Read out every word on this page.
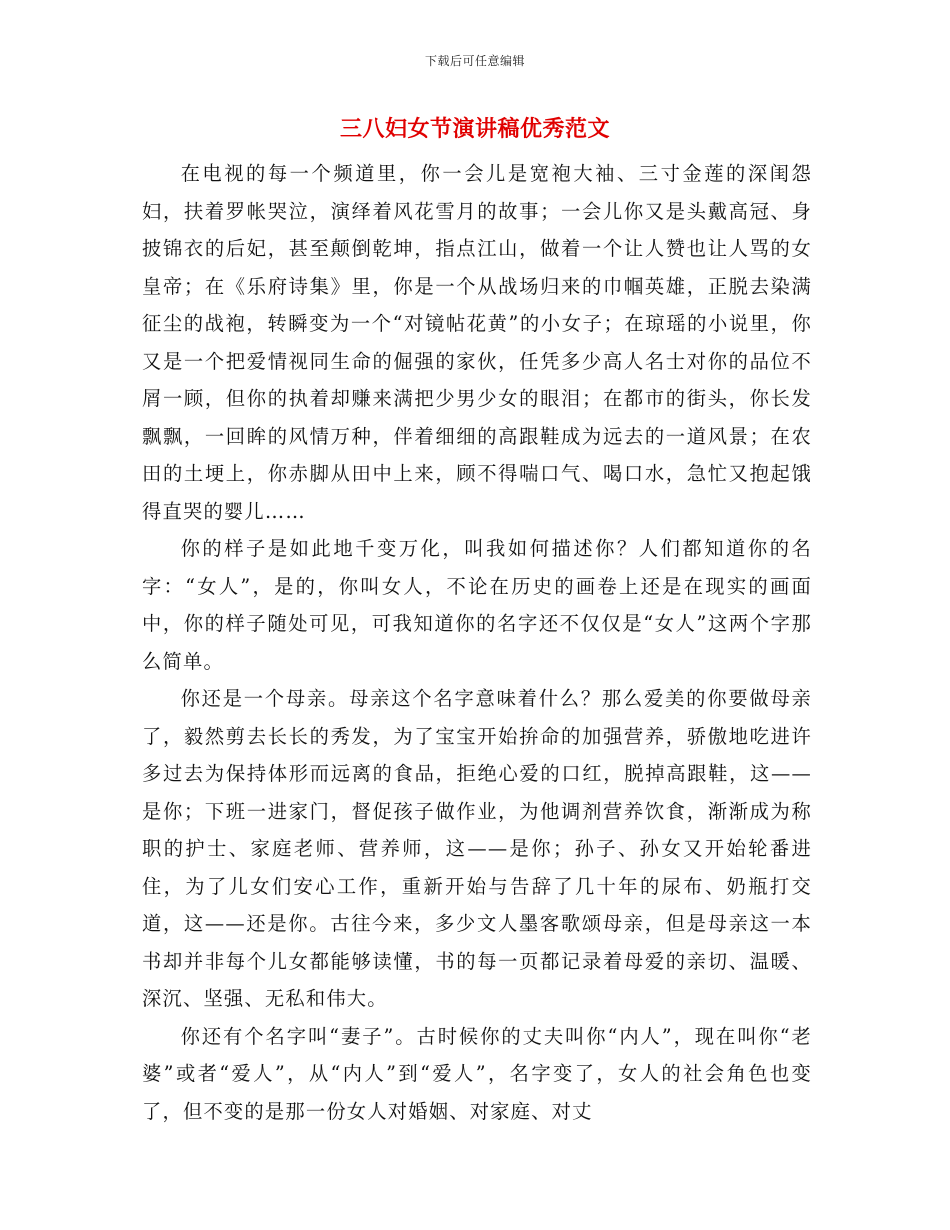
下载后可任意编辑
三八妇女节演讲稿优秀范文

在电视的每一个频道里，你一会儿是宽袍大袖、三寸金莲的深闺怨妇，扶着罗帐哭泣，演绎着风花雪月的故事；一会儿你又是头戴高冠、身披锦衣的后妃，甚至颠倒乾坤，指点江山，做着一个让人赞也让人骂的女皇帝；在《乐府诗集》里，你是一个从战场归来的巾帼英雄，正脱去染满征尘的战袍，转瞬变为一个“对镜帖花黄”的小女子；在琼瑶的小说里，你又是一个把爱情视同生命的倔强的家伙，任凭多少高人名士对你的品位不屑一顾，但你的执着却赚来满把少男少女的眼泪；在都市的街头，你长发飘飘，一回眸的风情万种，伴着细细的高跟鞋成为远去的一道风景；在农田的土埂上，你赤脚从田中上来，顾不得喘口气、喝口水，急忙又抱起饿得直哭的婴儿……

你的样子是如此地千变万化，叫我如何描述你？人们都知道你的名字：“女人”，是的，你叫女人，不论在历史的画卷上还是在现实的画面中，你的样子随处可见，可我知道你的名字还不仅仅是“女人”这两个字那么简单。

你还是一个母亲。母亲这个名字意味着什么？那么爱美的你要做母亲了，毅然剪去长长的秀发，为了宝宝开始拚命的加强营养，骄傲地吃进许多过去为保持体形而远离的食品，拒绝心爱的口红，脱掉高跟鞋，这——是你；下班一进家门，督促孩子做作业，为他调剂营养饮食，渐渐成为称职的护士、家庭老师、营养师，这——是你；孙子、孙女又开始轮番进住，为了儿女们安心工作，重新开始与告辞了几十年的尿布、奶瓶打交道，这——还是你。古往今来，多少文人墨客歌颂母亲，但是母亲这一本书却并非每个儿女都能够读懂，书的每一页都记录着母爱的亲切、温暖、深沉、坚强、无私和伟大。

你还有个名字叫“妻子”。古时候你的丈夫叫你“内人”，现在叫你“老婆”或者“爱人”，从“内人”到“爱人”，名字变了，女人的社会角色也变了，但不变的是那一份女人对婚姻、对家庭、对丈
